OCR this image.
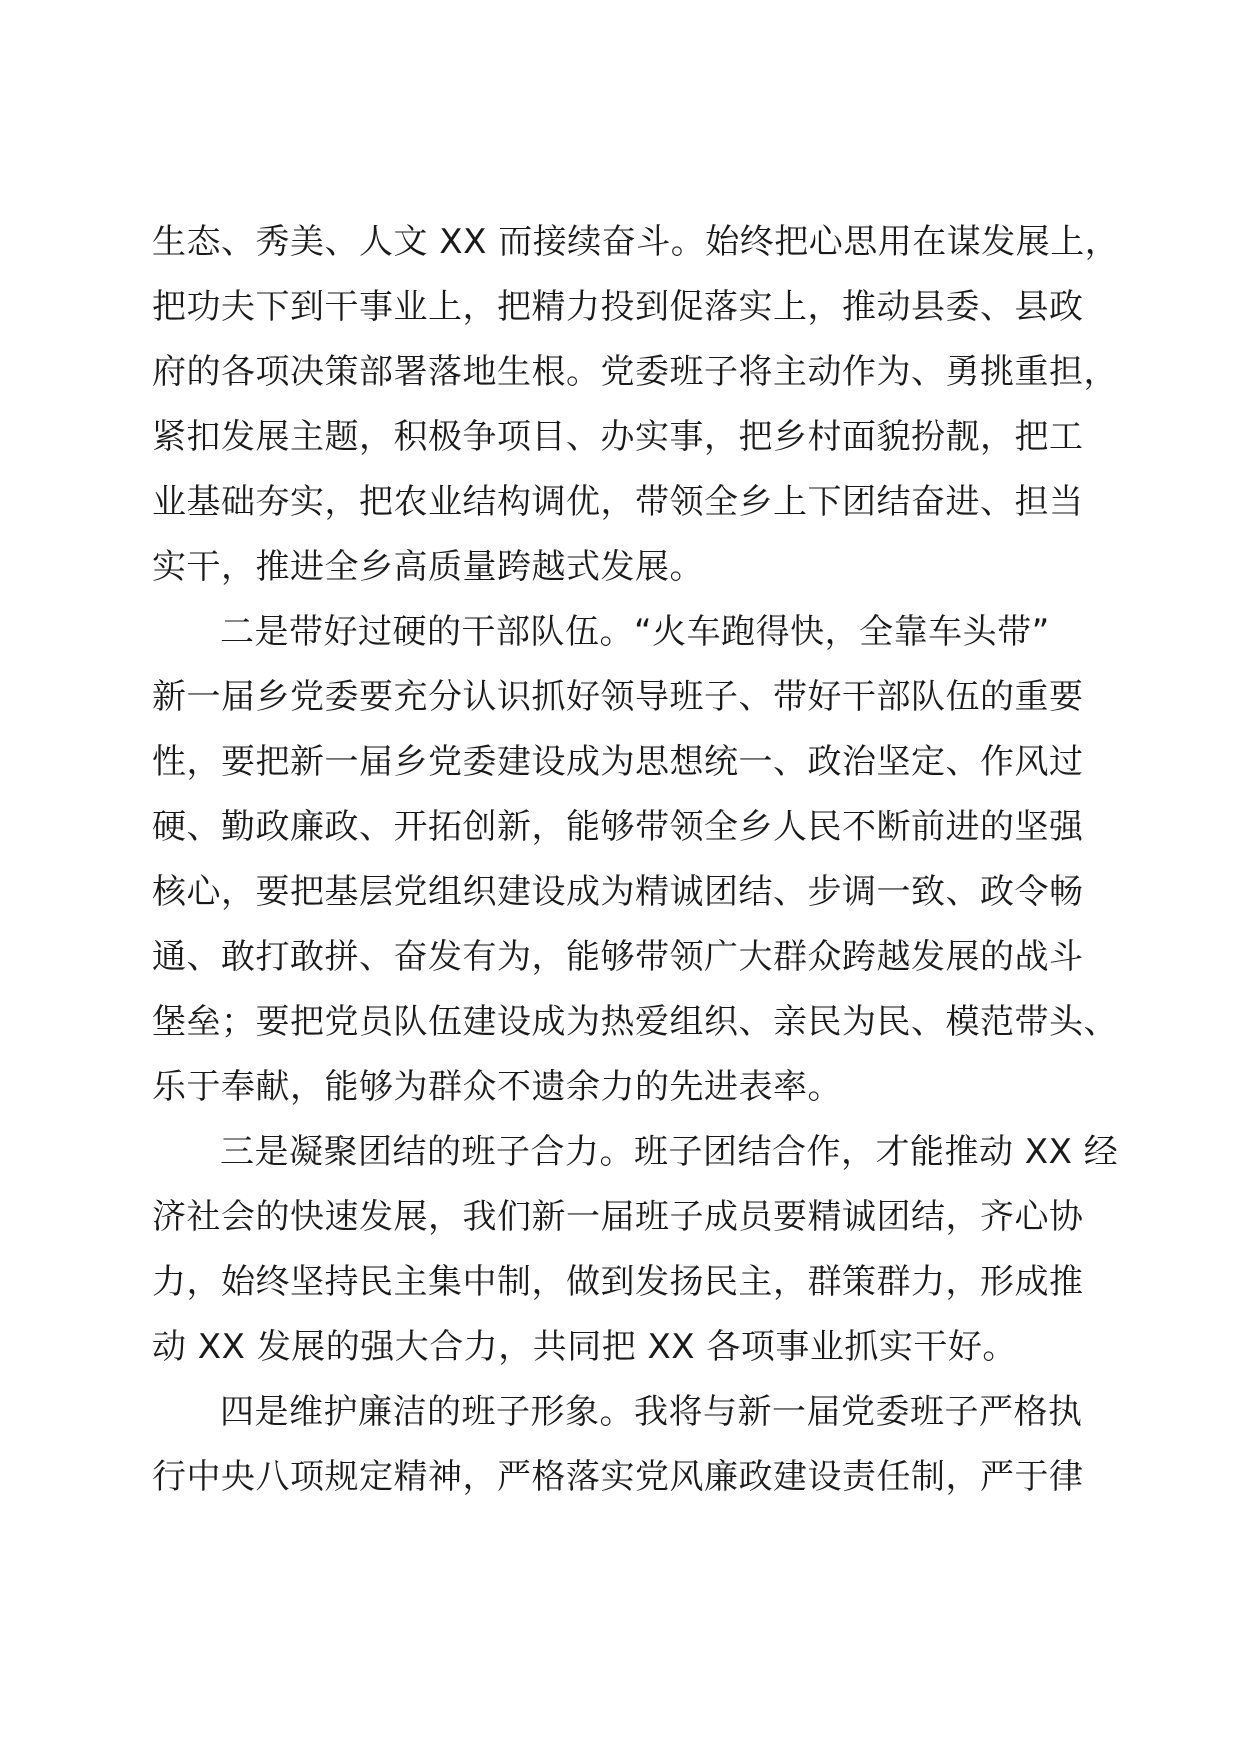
生态、秀美、人文 XX 而接续奋斗。始终把心思用在谋发展上，
把功夫下到干事业上，把精力投到促落实上，推动县委、县政
府的各项决策部署落地生根。党委班子将主动作为、勇挑重担，
紧扣发展主题，积极争项目、办实事，把乡村面貌扮靓，把工
业基础夯实，把农业结构调优，带领全乡上下团结奋进、担当
实干，推进全乡高质量跨越式发展。
二是带好过硬的干部队伍。“火车跑得快，全靠车头带”
新一届乡党委要充分认识抓好领导班子、带好干部队伍的重要
性，要把新一届乡党委建设成为思想统一、政治坚定、作风过
硬、勤政廉政、开拓创新，能够带领全乡人民不断前进的坚强
核心，要把基层党组织建设成为精诚团结、步调一致、政令畅
通、敢打敢拼、奋发有为，能够带领广大群众跨越发展的战斗
堡垒；要把党员队伍建设成为热爱组织、亲民为民、模范带头、
乐于奉献，能够为群众不遗余力的先进表率。
三是凝聚团结的班子合力。班子团结合作，才能推动 XX 经
济社会的快速发展，我们新一届班子成员要精诚团结，齐心协
力，始终坚持民主集中制，做到发扬民主，群策群力，形成推
动 XX 发展的强大合力，共同把 XX 各项事业抓实干好。
四是维护廉洁的班子形象。我将与新一届党委班子严格执
行中央八项规定精神，严格落实党风廉政建设责任制，严于律
